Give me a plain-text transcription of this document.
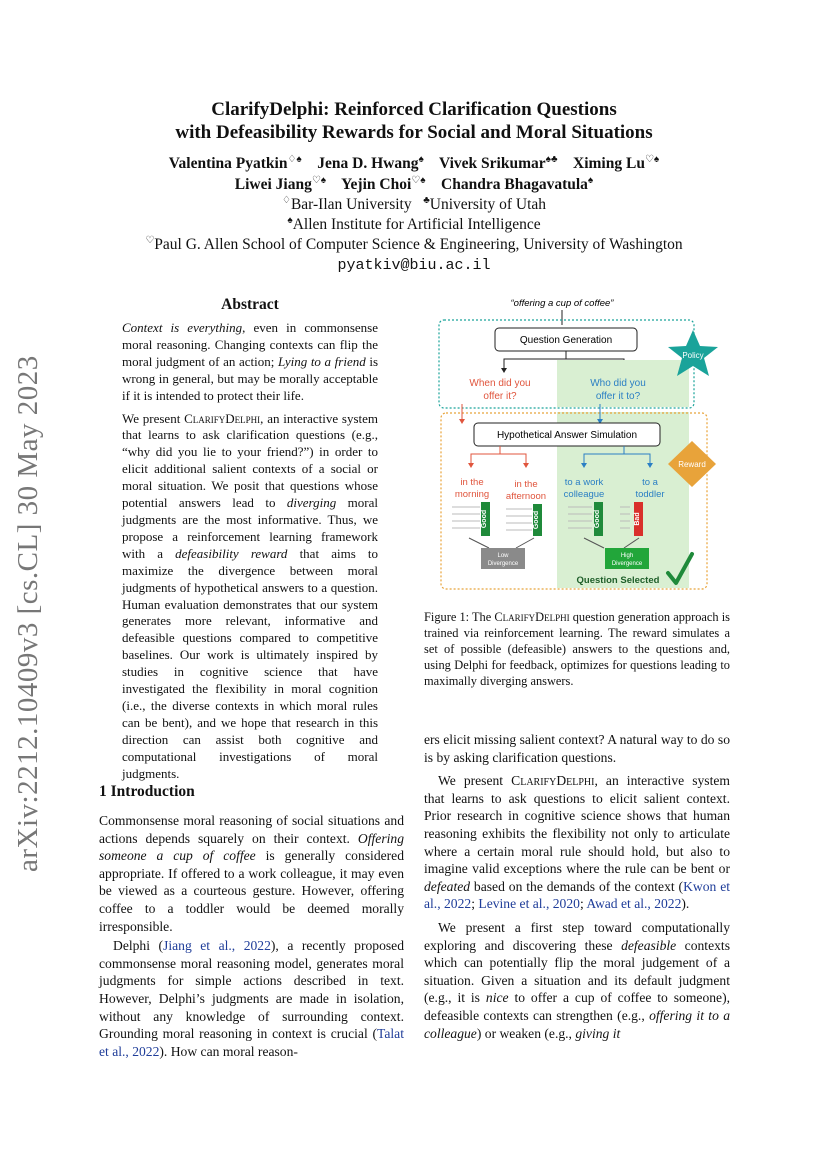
arXiv:2212.10409v3 [cs.CL] 30 May 2023
ClarifyDelphi: Reinforced Clarification Questions
with Defeasibility Rewards for Social and Moral Situations
Valentina Pyatkin♢♠ Jena D. Hwang♠ Vivek Srikumar♠♣ Ximing Lu♡♠
Liwei Jiang♡♠ Yejin Choi♡♠ Chandra Bhagavatula♠
♢Bar-Ilan University ♣University of Utah
♠Allen Institute for Artificial Intelligence
♡Paul G. Allen School of Computer Science & Engineering, University of Washington
pyatkiv@biu.ac.il
Abstract

Context is everything, even in commonsense moral reasoning. Changing contexts can flip the moral judgment of an action; Lying to a friend is wrong in general, but may be morally acceptable if it is intended to protect their life.

We present ClarifyDelphi, an interactive system that learns to ask clarification questions (e.g., “why did you lie to your friend?”) in order to elicit additional salient contexts of a social or moral situation. We posit that questions whose potential answers lead to diverging moral judgments are the most informative. Thus, we propose a reinforcement learning framework with a defeasibility reward that aims to maximize the divergence between moral judgments of hypothetical answers to a question. Human evaluation demonstrates that our system generates more relevant, informative and defeasible questions compared to competitive baselines. Our work is ultimately inspired by studies in cognitive science that have investigated the flexibility in moral cognition (i.e., the diverse contexts in which moral rules can be bent), and we hope that research in this direction can assist both cognitive and computational investigations of moral judgments.

1 Introduction

Commonsense moral reasoning of social situations and actions depends squarely on their context. Offering someone a cup of coffee is generally considered appropriate. If offered to a work colleague, it may even be viewed as a courteous gesture. However, offering coffee to a toddler would be deemed morally irresponsible.

Delphi (Jiang et al., 2022), a recently proposed commonsense moral reasoning model, generates moral judgments for simple actions described in text. However, Delphi’s judgments are made in isolation, without any knowledge of surrounding context. Grounding moral reasoning in context is crucial (Talat et al., 2022). How can moral reason-

“offering a cup of coffee”
Question Generation
When did you
offer it?
Who did you
offer it to?
Policy
Hypothetical Answer Simulation
Reward
in the
morning
in the
afternoon
to a work
colleague
to a
toddler
Good	Good	Good	Bad
Low
Divergence
High
Divergence
Question Selected
Figure 1: The ClarifyDelphi question generation approach is trained via reinforcement learning. The reward simulates a set of possible (defeasible) answers to the questions and, using Delphi for feedback, optimizes for questions leading to maximally diverging answers.

ers elicit missing salient context? A natural way to do so is by asking clarification questions.

We present ClarifyDelphi, an interactive system that learns to ask questions to elicit salient context. Prior research in cognitive science shows that human reasoning exhibits the flexibility not only to articulate where a certain moral rule should hold, but also to imagine valid exceptions where the rule can be bent or defeated based on the demands of the context (Kwon et al., 2022; Levine et al., 2020; Awad et al., 2022).

We present a first step toward computationally exploring and discovering these defeasible contexts which can potentially flip the moral judgement of a situation. Given a situation and its default judgment (e.g., it is nice to offer a cup of coffee to someone), defeasible contexts can strengthen (e.g., offering it to a colleague) or weaken (e.g., giving it
